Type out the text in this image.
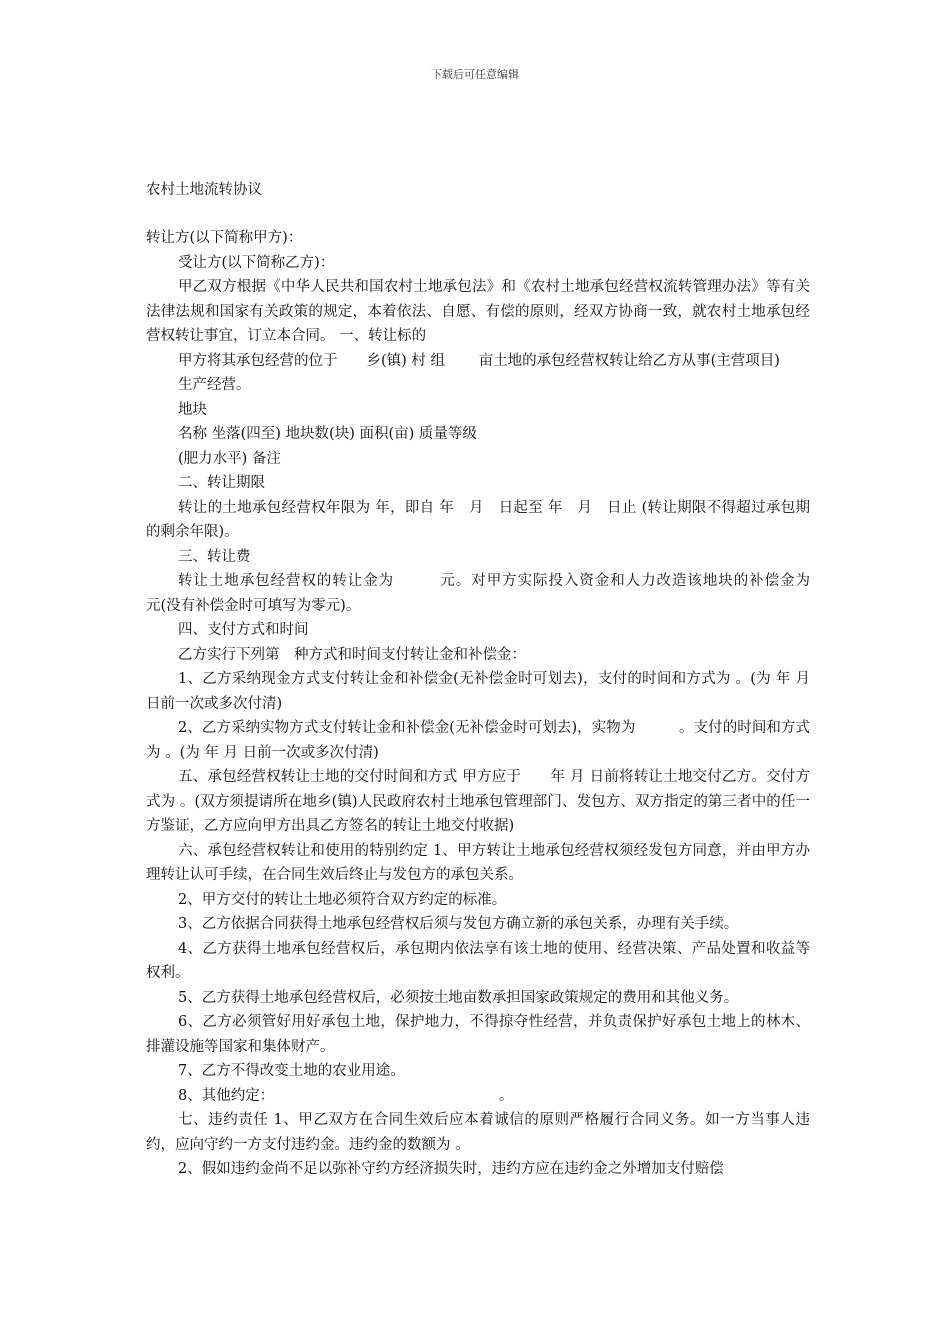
下载后可任意编辑
农村土地流转协议

转让方(以下简称甲方)：

受让方(以下简称乙方)：

甲乙双方根据《中华人民共和国农村土地承包法》和《农村土地承包经营权流转管理办法》等有关法律法规和国家有关政策的规定，本着依法、自愿、有偿的原则，经双方协商一致，就农村土地承包经营权转让事宜，订立本合同。 一、转让标的

甲方将其承包经营的位于　　乡(镇) 村 组　　 亩土地的承包经营权转让给乙方从事(主营项目)

生产经营。

地块

名称 坐落(四至) 地块数(块) 面积(亩) 质量等级

(肥力水平) 备注

二、转让期限

转让的土地承包经营权年限为 年，即自 年　月　日起至 年　月　日止 (转让期限不得超过承包期的剩余年限)。

三、转让费

转让土地承包经营权的转让金为　　　元。对甲方实际投入资金和人力改造该地块的补偿金为　　元(没有补偿金时可填写为零元)。

四、支付方式和时间

乙方实行下列第　种方式和时间支付转让金和补偿金：

1、乙方采纳现金方式支付转让金和补偿金(无补偿金时可划去)，支付的时间和方式为 。(为 年 月 日前一次或多次付清)

2、乙方采纳实物方式支付转让金和补偿金(无补偿金时可划去)，实物为　　　。支付的时间和方式为 。(为 年 月 日前一次或多次付清)

五、承包经营权转让土地的交付时间和方式 甲方应于　　年 月 日前将转让土地交付乙方。交付方式为 。(双方须提请所在地乡(镇)人民政府农村土地承包管理部门、发包方、双方指定的第三者中的任一方鉴证，乙方应向甲方出具乙方签名的转让土地交付收据)

六、承包经营权转让和使用的特别约定 1、甲方转让土地承包经营权须经发包方同意，并由甲方办理转让认可手续，在合同生效后终止与发包方的承包关系。

2、甲方交付的转让土地必须符合双方约定的标准。

3、乙方依据合同获得土地承包经营权后须与发包方确立新的承包关系，办理有关手续。

4、乙方获得土地承包经营权后，承包期内依法享有该土地的使用、经营决策、产品处置和收益等权利。

5、乙方获得土地承包经营权后，必须按土地亩数承担国家政策规定的费用和其他义务。

6、乙方必须管好用好承包土地，保护地力，不得掠夺性经营，并负责保护好承包土地上的林木、排灌设施等国家和集体财产。

7、乙方不得改变土地的农业用途。

8、其他约定：　　　　　　　　　　　　　　　　。

七、违约责任 1、甲乙双方在合同生效后应本着诚信的原则严格履行合同义务。如一方当事人违约，应向守约一方支付违约金。违约金的数额为 。

2、假如违约金尚不足以弥补守约方经济损失时，违约方应在违约金之外增加支付赔偿
